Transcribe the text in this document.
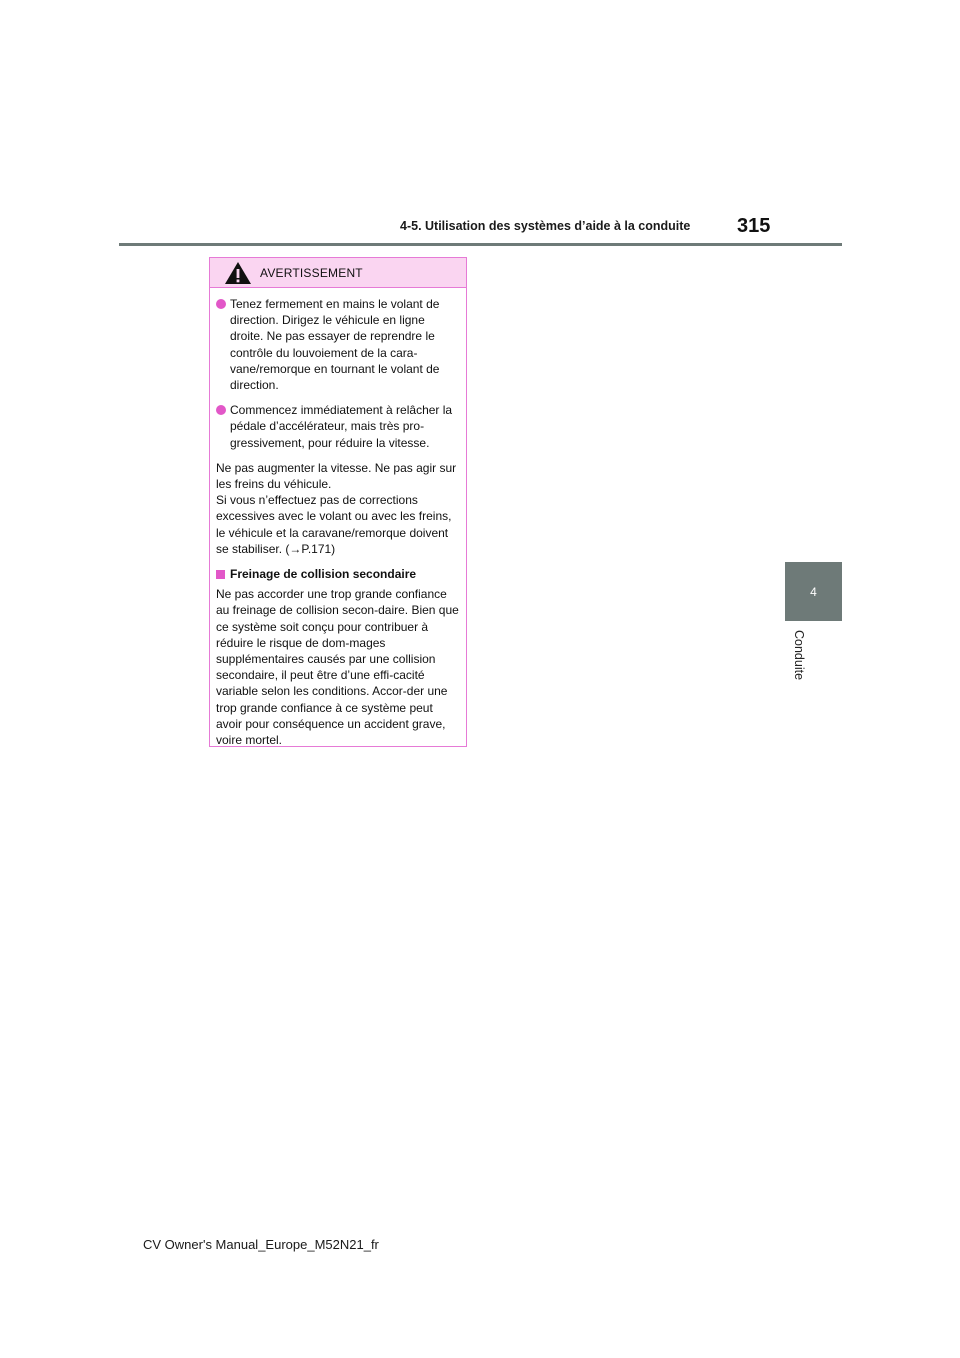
4-5. Utilisation des systèmes d’aide à la conduite 315
4
Conduite
AVERTISSEMENT
Tenez fermement en mains le volant de direction. Dirigez le véhicule en ligne droite. Ne pas essayer de reprendre le contrôle du louvoiement de la cara-vane/remorque en tournant le volant de direction.
Commencez immédiatement à relâcher la pédale d’accélérateur, mais très pro-gressivement, pour réduire la vitesse.
Ne pas augmenter la vitesse. Ne pas agir sur les freins du véhicule.
Si vous n’effectuez pas de corrections excessives avec le volant ou avec les freins, le véhicule et la caravane/remorque doivent se stabiliser. (→P.171)
Freinage de collision secondaire
Ne pas accorder une trop grande confiance au freinage de collision secon-daire. Bien que ce système soit conçu pour contribuer à réduire le risque de dom-mages supplémentaires causés par une collision secondaire, il peut être d’une effi-cacité variable selon les conditions. Accor-der une trop grande confiance à ce système peut avoir pour conséquence un accident grave, voire mortel.
CV Owner's Manual_Europe_M52N21_fr
